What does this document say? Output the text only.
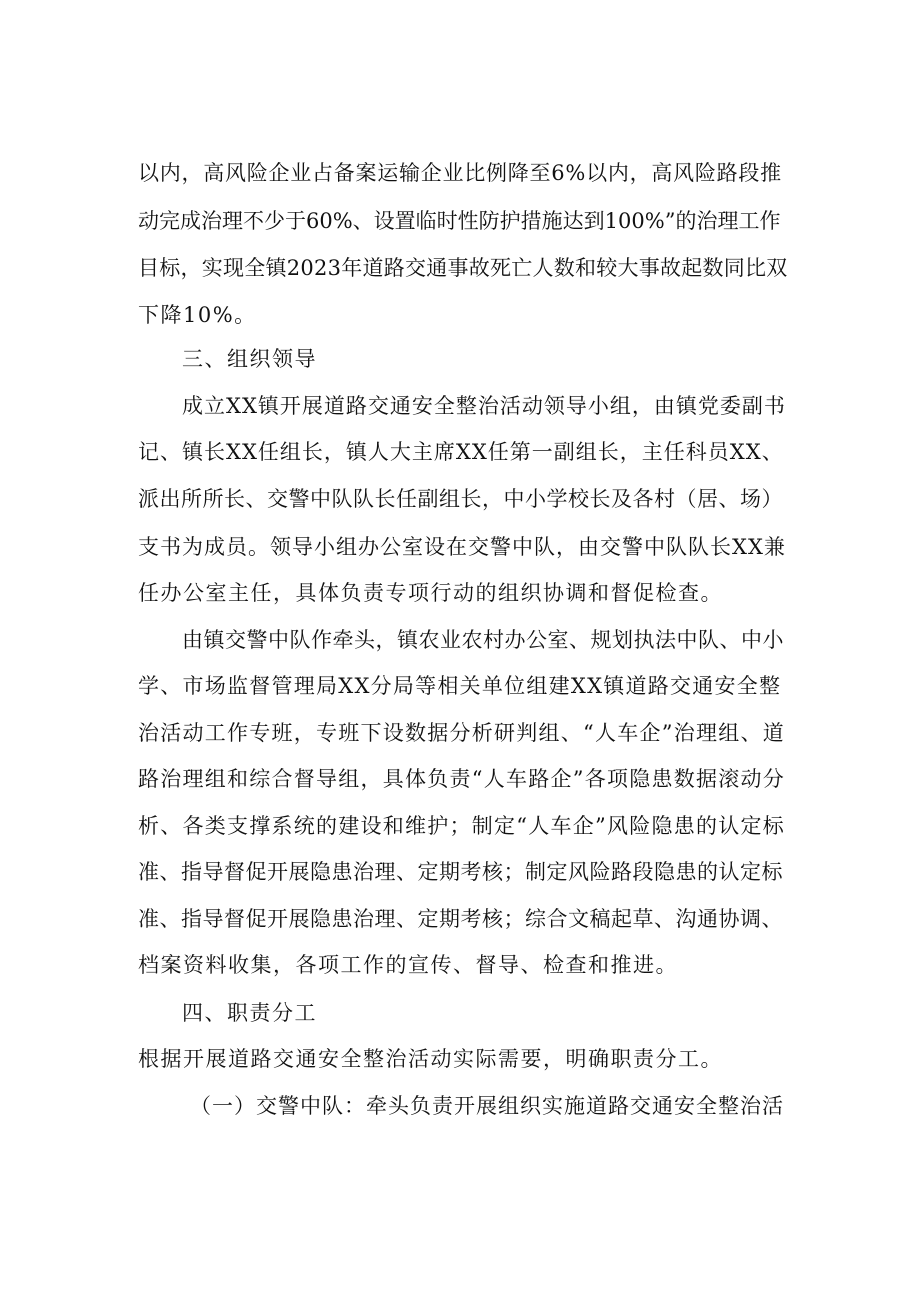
以内，高风险企业占备案运输企业比例降至6%以内，高风险路段推
动完成治理不少于60%、设置临时性防护措施达到100%”的治理工作
目标，实现全镇2023年道路交通事故死亡人数和较大事故起数同比双
下降10%。
三、组织领导
成立XX镇开展道路交通安全整治活动领导小组，由镇党委副书
记、镇长XX任组长，镇人大主席XX任第一副组长，主任科员XX、
派出所所长、交警中队队长任副组长，中小学校长及各村（居、场）
支书为成员。领导小组办公室设在交警中队，由交警中队队长XX兼
任办公室主任，具体负责专项行动的组织协调和督促检查。
由镇交警中队作牵头，镇农业农村办公室、规划执法中队、中小
学、市场监督管理局XX分局等相关单位组建XX镇道路交通安全整
治活动工作专班，专班下设数据分析研判组、“人车企”治理组、道
路治理组和综合督导组，具体负责“人车路企”各项隐患数据滚动分
析、各类支撑系统的建设和维护；制定“人车企”风险隐患的认定标
准、指导督促开展隐患治理、定期考核；制定风险路段隐患的认定标
准、指导督促开展隐患治理、定期考核；综合文稿起草、沟通协调、
档案资料收集，各项工作的宣传、督导、检查和推进。
四、职责分工
根据开展道路交通安全整治活动实际需要，明确职责分工。
（一）交警中队：牵头负责开展组织实施道路交通安全整治活
